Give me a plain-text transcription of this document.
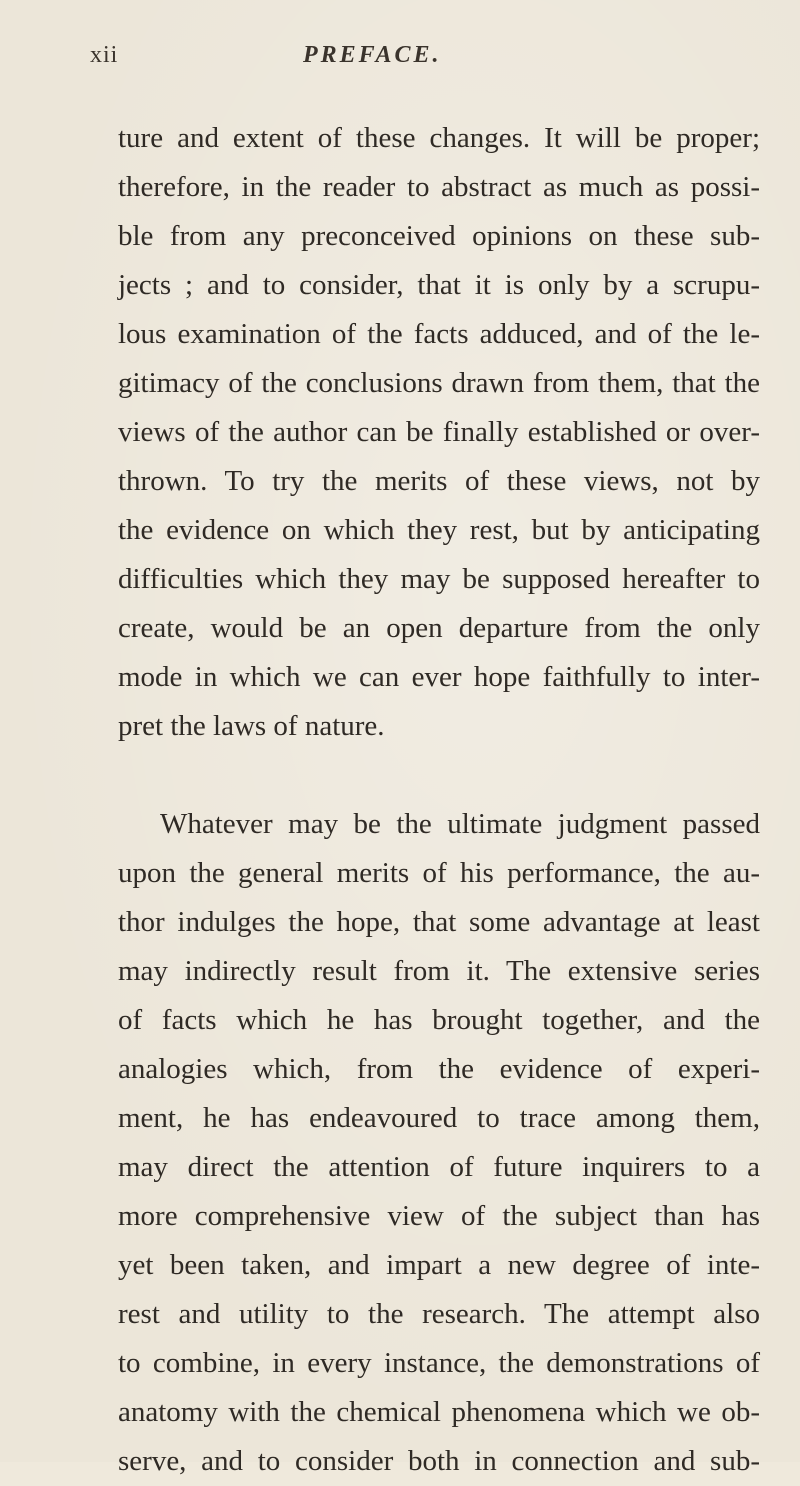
xii	PREFACE.
ture and extent of these changes. It will be proper;
therefore, in the reader to abstract as much as possi-
ble from any preconceived opinions on these sub-
jects ; and to consider, that it is only by a scrupu-
lous examination of the facts adduced, and of the le-
gitimacy of the conclusions drawn from them, that the
views of the author can be finally established or over-
thrown. To try the merits of these views, not by
the evidence on which they rest, but by anticipating
difficulties which they may be supposed hereafter to
create, would be an open departure from the only
mode in which we can ever hope faithfully to inter-
pret the laws of nature.
Whatever may be the ultimate judgment passed
upon the general merits of his performance, the au-
thor indulges the hope, that some advantage at least
may indirectly result from it. The extensive series
of facts which he has brought together, and the
analogies which, from the evidence of experi-
ment, he has endeavoured to trace among them,
may direct the attention of future inquirers to a
more comprehensive view of the subject than has
yet been taken, and impart a new degree of inte-
rest and utility to the research. The attempt also
to combine, in every instance, the demonstrations of
anatomy with the chemical phenomena which we ob-
serve, and to consider both in connection and sub-
